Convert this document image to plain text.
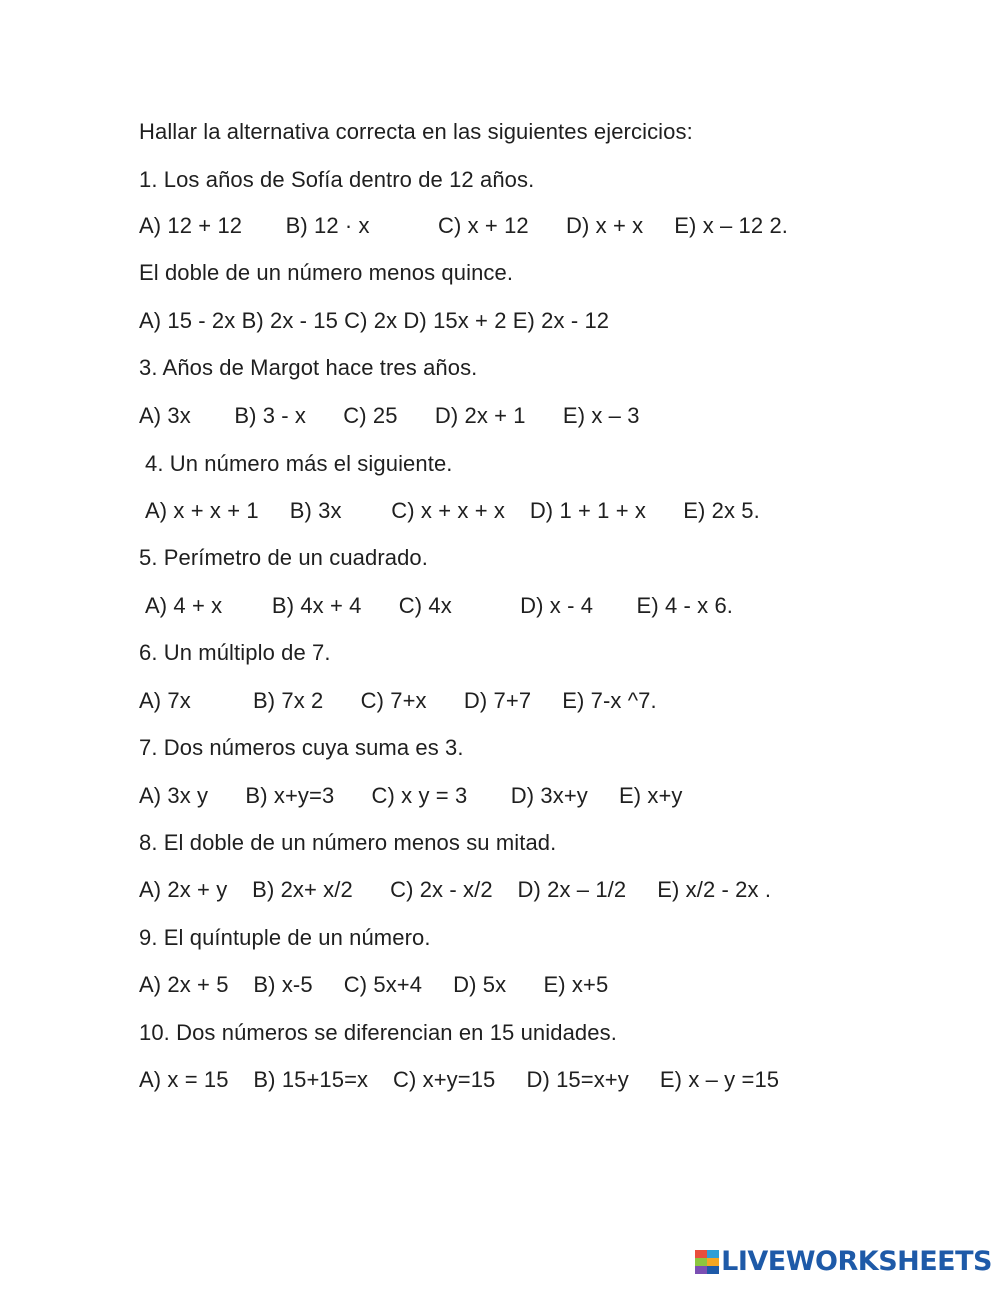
Hallar la alternativa correcta en las siguientes ejercicios:
1. Los años de Sofía dentro de 12 años.
A) 12 + 12       B) 12 · x           C) x + 12      D) x + x     E) x – 12 2.
El doble de un número menos quince.
A) 15 - 2x B) 2x - 15 C) 2x D) 15x + 2 E) 2x - 12
3. Años de Margot hace tres años.
A) 3x       B) 3 - x      C) 25      D) 2x + 1      E) x – 3
4. Un número más el siguiente.
A) x + x + 1     B) 3x        C) x + x + x    D) 1 + 1 + x      E) 2x 5.
5. Perímetro de un cuadrado.
A) 4 + x        B) 4x + 4      C) 4x           D) x - 4       E) 4 - x 6.
6. Un múltiplo de 7.
A) 7x          B) 7x 2      C) 7+x      D) 7+7     E) 7-x ^7.
7. Dos números cuya suma es 3.
A) 3x y      B) x+y=3      C) x y = 3       D) 3x+y     E) x+y
8. El doble de un número menos su mitad.
A) 2x + y    B) 2x+ x/2      C) 2x - x/2    D) 2x – 1/2     E) x/2 - 2x .
9. El quíntuple de un número.
A) 2x + 5    B) x-5     C) 5x+4     D) 5x      E) x+5
10. Dos números se diferencian en 15 unidades.
A) x = 15    B) 15+15=x    C) x+y=15     D) 15=x+y     E) x – y =15
LIVEWORKSHEETS
